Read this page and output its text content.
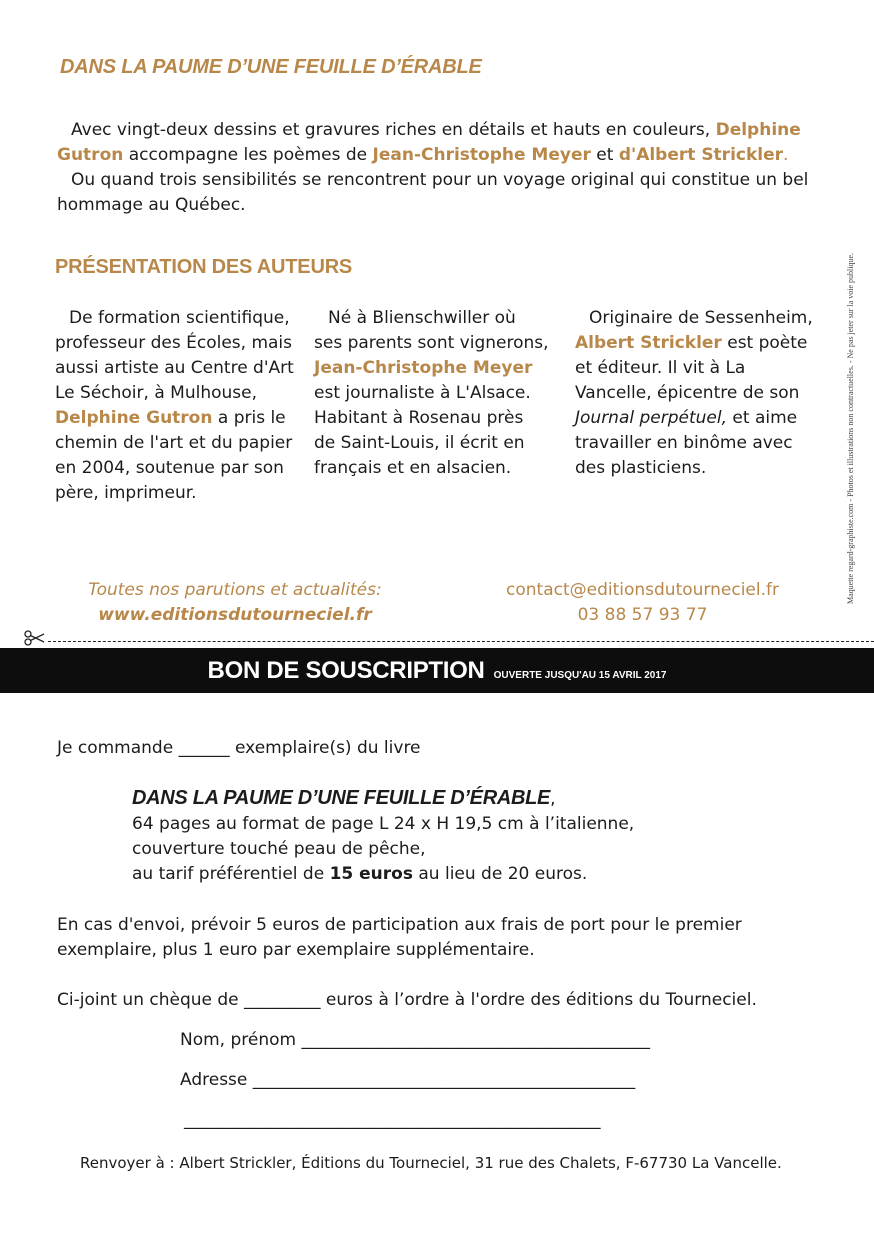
DANS LA PAUME D’UNE FEUILLE D’ÉRABLE
Avec vingt-deux dessins et gravures riches en détails et hauts en couleurs, Delphine Gutron accompagne les poèmes de Jean-Christophe Meyer et d'Albert Strickler.
Ou quand trois sensibilités se rencontrent pour un voyage original qui constitue un bel hommage au Québec.
PRÉSENTATION DES AUTEURS
De formation scientifique, professeur des Écoles, mais aussi artiste au Centre d'Art Le Séchoir, à Mulhouse, Delphine Gutron a pris le chemin de l'art et du papier en 2004, soutenue par son père, imprimeur.
Né à Blienschwiller où ses parents sont vignerons, Jean-Christophe Meyer est journaliste à L'Alsace. Habitant à Rosenau près de Saint-Louis, il écrit en français et en alsacien.
Originaire de Sessenheim, Albert Strickler est poète et éditeur. Il vit à La Vancelle, épicentre de son Journal perpétuel, et aime travailler en binôme avec des plasticiens.
Toutes nos parutions et actualités:
www.editionsdutourneciel.fr
contact@editionsdutourneciel.fr
03 88 57 93 77
BON DE SOUSCRIPTION OUVERTE JUSQU'AU 15 AVRIL 2017
Je commande ______ exemplaire(s) du livre
DANS LA PAUME D’UNE FEUILLE D’ÉRABLE,
64 pages au format de page L 24 x H 19,5 cm à l’italienne,
couverture touché peau de pêche,
au tarif préférentiel de 15 euros au lieu de 20 euros.
En cas d'envoi, prévoir 5 euros de participation aux frais de port pour le premier exemplaire, plus 1 euro par exemplaire supplémentaire.
Ci-joint un chèque de _________ euros à l’ordre à l'ordre des éditions du Tourneciel.
Nom, prénom _________________________________________
Adresse _____________________________________________
_________________________________________________
Renvoyer à : Albert Strickler, Éditions du Tourneciel, 31 rue des Chalets, F-67730 La Vancelle.
Maquette regard-graphiste.com - Photos et illustrations non contractuelles. - Ne pas jeter sur la voie publique.
